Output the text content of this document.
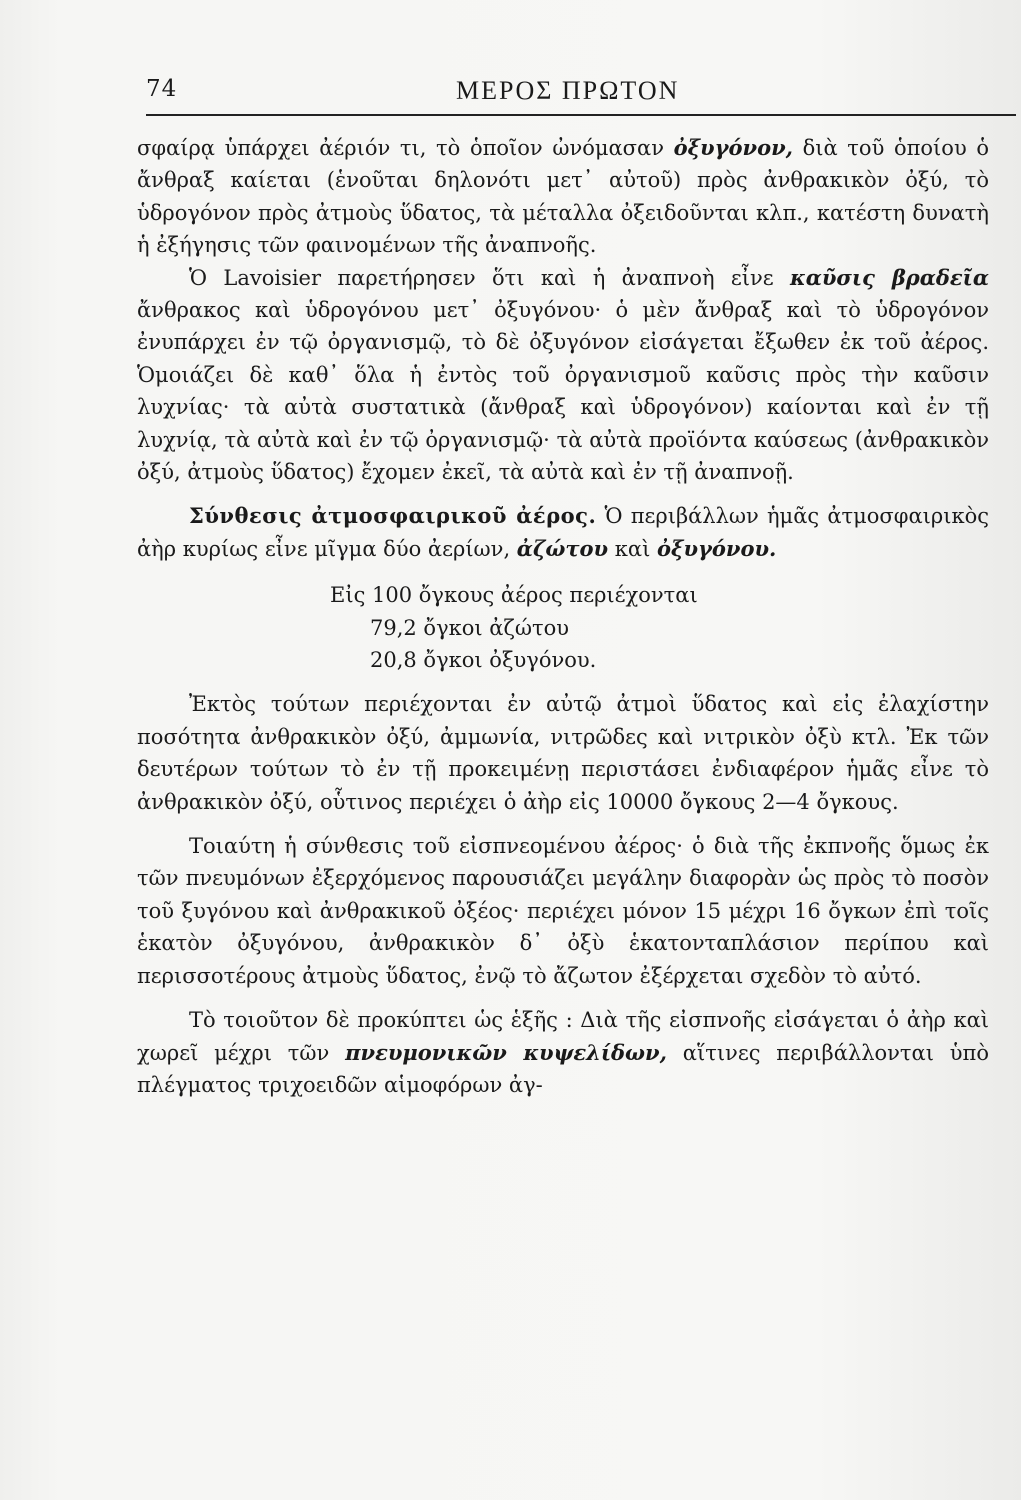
74	ΜΕΡΟΣ ΠΡΩΤΟΝ

σφαίρᾳ ὑπάρχει ἀέριόν τι, τὸ ὁποῖον ὠνόμασαν ὀξυγόνον, διὰ τοῦ ὁποίου ὁ ἄνθραξ καίεται (ἑνοῦται δηλονότι μετ᾽ αὐτοῦ) πρὸς ἀνθρακικὸν ὀξύ, τὸ ὑδρογόνον πρὸς ἀτμοὺς ὕδατος, τὰ μέταλλα ὀξειδοῦνται κλπ., κατέστη δυνατὴ ἡ ἐξήγησις τῶν φαινομένων τῆς ἀναπνοῆς.

Ὁ Lavoisier παρετήρησεν ὅτι καὶ ἡ ἀναπνοὴ εἶνε καῦσις βραδεῖα ἄνθρακος καὶ ὑδρογόνου μετ᾽ ὀξυγόνου· ὁ μὲν ἄνθραξ καὶ τὸ ὑδρογόνον ἐνυπάρχει ἐν τῷ ὀργανισμῷ, τὸ δὲ ὀξυγόνον εἰσάγεται ἔξωθεν ἐκ τοῦ ἀέρος. Ὁμοιάζει δὲ καθ᾽ ὅλα ἡ ἐντὸς τοῦ ὀργανισμοῦ καῦσις πρὸς τὴν καῦσιν λυχνίας· τὰ αὐτὰ συστατικὰ (ἄνθραξ καὶ ὑδρογόνον) καίονται καὶ ἐν τῇ λυχνίᾳ, τὰ αὐτὰ καὶ ἐν τῷ ὀργανισμῷ· τὰ αὐτὰ προϊόντα καύσεως (ἀνθρακικὸν ὀξύ, ἀτμοὺς ὕδατος) ἔχομεν ἐκεῖ, τὰ αὐτὰ καὶ ἐν τῇ ἀναπνοῇ.

Σύνθεσις ἀτμοσφαιρικοῦ ἀέρος. Ὁ περιβάλλων ἡμᾶς ἀτμοσφαιρικὸς ἀὴρ κυρίως εἶνε μῖγμα δύο ἀερίων, ἀζώτου καὶ ὀξυγόνου.

Εἰς 100 ὄγκους ἀέρος περιέχονται
79,2 ὄγκοι ἀζώτου
20,8 ὄγκοι ὀξυγόνου.

Ἐκτὸς τούτων περιέχονται ἐν αὐτῷ ἀτμοὶ ὕδατος καὶ εἰς ἐλαχίστην ποσότητα ἀνθρακικὸν ὀξύ, ἀμμωνία, νιτρῶδες καὶ νιτρικὸν ὀξὺ κτλ. Ἐκ τῶν δευτέρων τούτων τὸ ἐν τῇ προκειμένῃ περιστάσει ἐνδιαφέρον ἡμᾶς εἶνε τὸ ἀνθρακικὸν ὀξύ, οὗτινος περιέχει ὁ ἀὴρ εἰς 10000 ὄγκους 2—4 ὄγκους.

Τοιαύτη ἡ σύνθεσις τοῦ εἰσπνεομένου ἀέρος· ὁ διὰ τῆς ἐκπνοῆς ὅμως ἐκ τῶν πνευμόνων ἐξερχόμενος παρουσιάζει μεγάλην διαφορὰν ὡς πρὸς τὸ ποσὸν τοῦ ξυγόνου καὶ ἀνθρακικοῦ ὀξέος· περιέχει μόνον 15 μέχρι 16 ὄγκων ἐπὶ τοῖς ἑκατὸν ὀξυγόνου, ἀνθρακικὸν δ᾽ ὀξὺ ἑκατονταπλάσιον περίπου καὶ περισσοτέρους ἀτμοὺς ὕδατος, ἐνῷ τὸ ἄζωτον ἐξέρχεται σχεδὸν τὸ αὐτό.

Τὸ τοιοῦτον δὲ προκύπτει ὡς ἑξῆς : Διὰ τῆς εἰσπνοῆς εἰσάγεται ὁ ἀὴρ καὶ χωρεῖ μέχρι τῶν πνευμονικῶν κυψελίδων, αἵτινες περιβάλλονται ὑπὸ πλέγματος τριχοειδῶν αἱμοφόρων ἀγ-
